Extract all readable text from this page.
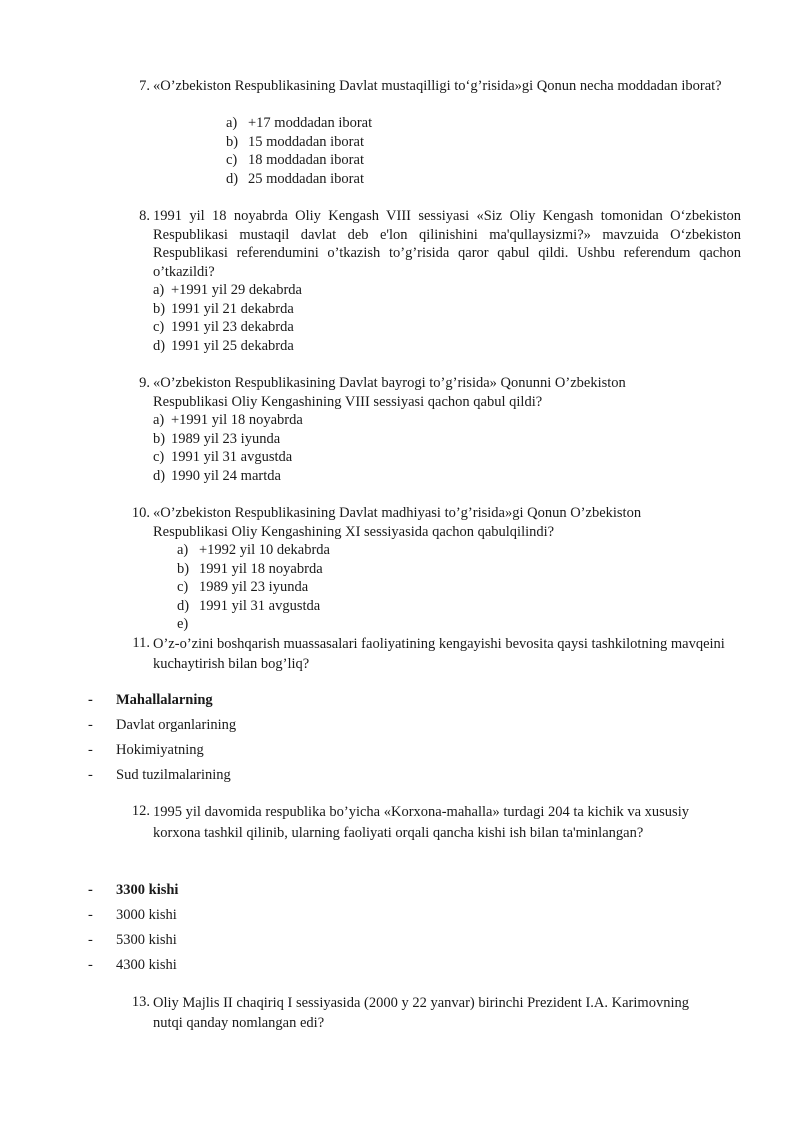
7. «O’zbekiston Respublikasining Davlat mustaqilligi to‘g’risida»gi Qonun necha moddadan iborat?

a) +17 moddadan iborat
b) 15 moddadan iborat
c) 18 moddadan iborat
d) 25 moddadan iborat
8. 1991 yil 18 noyabrda Oliy Kengash VIII sessiyasi «Siz Oliy Kengash tomonidan O‘zbekiston Respublikasi mustaqil davlat deb e'lon qilinishini ma'qullaysizmi?» mavzuida O‘zbekiston Respublikasi referendumini o’tkazish to’g’risida qaror qabul qildi. Ushbu referendum qachon o’tkazildi?

a) +1991 yil 29 dekabrda
b) 1991 yil 21 dekabrda
c) 1991 yil 23 dekabrda
d) 1991 yil 25 dekabrda
9. «O’zbekiston Respublikasining Davlat bayrogi to’g’risida» Qonunni O’zbekiston Respublikasi Oliy Kengashining VIII sessiyasi qachon qabul qildi?

a) +1991 yil 18 noyabrda
b) 1989 yil 23 iyunda
c) 1991 yil 31 avgustda
d) 1990 yil 24 martda
10. «O’zbekiston Respublikasining Davlat madhiyasi to’g’risida»gi Qonun O’zbekiston Respublikasi Oliy Kengashining XI sessiyasida qachon qabulqilindi?

a) +1992 yil 10 dekabrda
b) 1991 yil 18 noyabrda
c) 1989 yil 23 iyunda
d) 1991 yil 31 avgustda
e)
11. O’z-o’zini boshqarish muassasalari faoliyatining kengayishi bevosita qaysi tashkilotning mavqeini kuchaytirish bilan bog’liq?

- Mahallalarning
- Davlat organlarining
- Hokimiyatning
- Sud tuzilmalarining
12. 1995 yil davomida respublika bo’yicha «Korxona-mahalla» turdagi 204 ta kichik va xususiy korxona tashkil qilinib, ularning faoliyati orqali qancha kishi ish bilan ta'minlangan?

- 3300 kishi
- 3000 kishi
- 5300 kishi
- 4300 kishi
13. Oliy Majlis II chaqiriq I sessiyasida (2000 y 22 yanvar) birinchi Prezident I.A. Karimovning nutqi qanday nomlangan edi?
